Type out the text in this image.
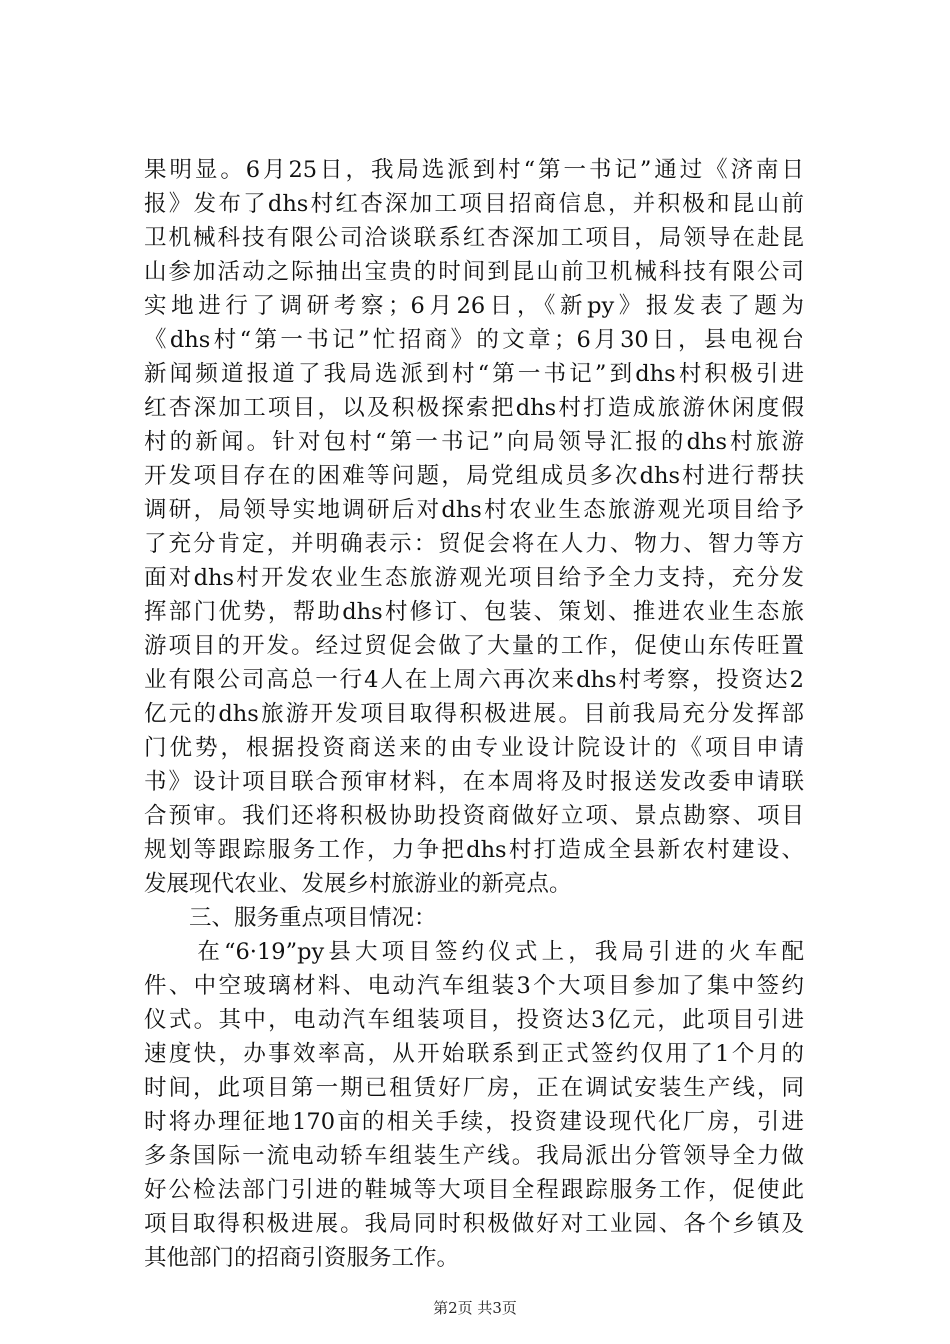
果明显。6月25日，我局选派到村“第一书记”通过《济南日
报》发布了dhs村红杏深加工项目招商信息，并积极和昆山前
卫机械科技有限公司洽谈联系红杏深加工项目，局领导在赴昆
山参加活动之际抽出宝贵的时间到昆山前卫机械科技有限公司
实地进行了调研考察；6月26日，《新py》报发表了题为
《dhs村“第一书记”忙招商》的文章；6月30日，县电视台
新闻频道报道了我局选派到村“第一书记”到dhs村积极引进
红杏深加工项目，以及积极探索把dhs村打造成旅游休闲度假
村的新闻。针对包村“第一书记”向局领导汇报的dhs村旅游
开发项目存在的困难等问题，局党组成员多次dhs村进行帮扶
调研，局领导实地调研后对dhs村农业生态旅游观光项目给予
了充分肯定，并明确表示：贸促会将在人力、物力、智力等方
面对dhs村开发农业生态旅游观光项目给予全力支持，充分发
挥部门优势，帮助dhs村修订、包装、策划、推进农业生态旅
游项目的开发。经过贸促会做了大量的工作，促使山东传旺置
业有限公司高总一行4人在上周六再次来dhs村考察，投资达2
亿元的dhs旅游开发项目取得积极进展。目前我局充分发挥部
门优势，根据投资商送来的由专业设计院设计的《项目申请
书》设计项目联合预审材料，在本周将及时报送发改委申请联
合预审。我们还将积极协助投资商做好立项、景点勘察、项目
规划等跟踪服务工作，力争把dhs村打造成全县新农村建设、
发展现代农业、发展乡村旅游业的新亮点。
　　三、服务重点项目情况：
　　在“6·19”py县大项目签约仪式上，我局引进的火车配
件、中空玻璃材料、电动汽车组装3个大项目参加了集中签约
仪式。其中，电动汽车组装项目，投资达3亿元，此项目引进
速度快，办事效率高，从开始联系到正式签约仅用了1个月的
时间，此项目第一期已租赁好厂房，正在调试安装生产线，同
时将办理征地170亩的相关手续，投资建设现代化厂房，引进
多条国际一流电动轿车组装生产线。我局派出分管领导全力做
好公检法部门引进的鞋城等大项目全程跟踪服务工作，促使此
项目取得积极进展。我局同时积极做好对工业园、各个乡镇及
第2页 共3页
其他部门的招商引资服务工作。
